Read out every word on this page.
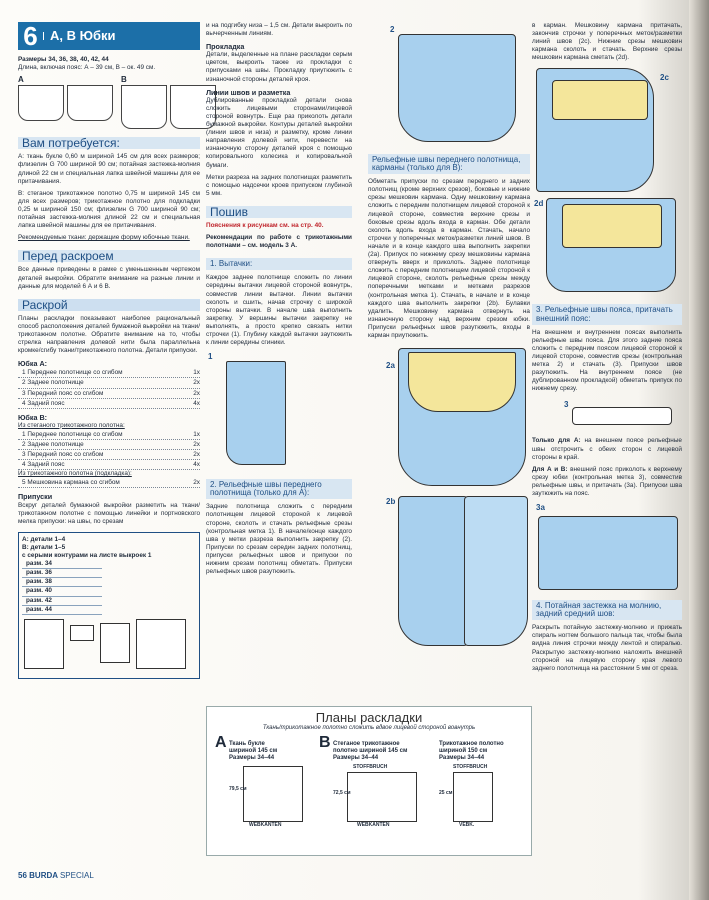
6 А, В Юбки
Размеры 34, 36, 38, 40, 42, 44
Длина, включая пояс: А – 39 см, В – ок. 49 см.
A	B
Вам потребуется:

А: ткань букле 0,60 м шириной 145 см для всех размеров; флизелин G 700 шириной 90 см; потайная застежка-молния длиной 22 см и специальная лапка швейной машины для ее притачивания.

В: стеганое трикотажное полотно 0,75 м шириной 145 см для всех размеров; трикотажное полотно для подкладки 0,25 м шириной 150 см; флизелин G 700 шириной 90 см; потайная застежка-молния длиной 22 см и специальная лапка швейной машины для ее притачивания.

Рекомендуемые ткани: держащие форму юбочные ткани.

Перед раскроем

Все данные приведены в рамке с уменьшенным чертежом деталей выкройки. Обратите внимание на разные линии и данные для моделей 6 А и 6 В.

Раскрой

Планы раскладки показывают наиболее рациональный способ расположения деталей бумажной выкройки на ткани/трикотажном полотне. Обратите внимание на то, чтобы стрелка направления долевой нити была параллельна кромке/сгибу ткани/трикотажного полотна. Детали припуски.

Юбка А:
1 Переднее полотнище со сгибом	1х
2 Заднее полотнище	2х
3 Передний пояс со сгибом	2х
4 Задний пояс	4х
Юбка В:
Из стеганого трикотажного полотна:
1 Переднее полотнище со сгибом	1х
2 Заднее полотнище	2х
3 Передний пояс со сгибом	2х
4 Задний пояс	4х
Из трикотажного полотна (подкладка):
5 Мешковина кармана со сгибом	2х
Припуски

Вскруг деталей бумажной выкройки разметить на ткани/трикотажном полотне с помощью линейки и портновского мелка припуски: на швы, по срезам

А: детали 1–4
В: детали 1–5
с серыми контурами на листе выкроек 1
разм. 34
разм. 36
разм. 38
разм. 40
разм. 42
разм. 44

и на подгибку низа – 1,5 см. Детали выкроить по вычерченным линиям.

Прокладка

Детали, выделенные на плане раскладки серым цветом, выкроить также из прокладки с припусками на швы. Прокладку приутюжить с изнаночной стороны деталей кроя.

Линии швов и разметка

Дублированные прокладкой детали снова сложить лицевыми сторонами/лицевой стороной вовнутрь. Еще раз приколоть детали бумажной выкройки. Контуры деталей выкройки (линии швов и низа) и разметку, кроме линии направления долевой нити, перевести на изнаночную сторону деталей кроя с помощью копировального колесика и копировальной бумаги.

Метки разреза на задних полотнищах разметить с помощью надсечки кроев припуском глубиной 5 мм.

Пошив

Пояснения к рисункам см. на стр. 40.

Рекомендации по работе с трикотажными полотнами – см. модель 3 А.

1. Вытачки:

Каждое заднее полотнище сложить по линии середины вытачки лицевой стороной вовнутрь, совместив линии вытачки. Линии вытачки сколоть и сшить, начав строчку с широкой стороны вытачки. В начале шва выполнить закрепку. У вершины вытачки закрепку не выполнять, а просто крепко связать нитки строчки (1). Глубину каждой вытачки заутюжить к линии середины сгиники.

1
2. Рельефные швы переднего полотнища (только для А):

Задние полотнища сложить с передним полотнищем лицевой стороной к лицевой стороне, сколоть и стачать рельефные срезы (контрольная метка 1). В начале/конце каждого шва у метки разреза выполнить закрепку (2). Припуски по срезам середин задних полотнищ, припуски рельефных швов и припуски по нижним срезам полотнищ обметать. Припуски рельефных швов разутюжить.

2
Рельефные швы переднего полотнища, карманы (только для В):

Обметать припуски по срезам переднего и задних полотнищ (кроме верхних срезов), боковые и нижние срезы мешковин кармана. Одну мешковину кармана сложить с передним полотнищем лицевой стороной к лицевой стороне, совместив верхние срезы и боковые срезы вдоль входа в карман. Обе детали сколоть вдоль входа в карман. Стачать, начало строчки у поперечных меток/разметки линий швов. В начале и в конце каждого шва выполнить закрепки (2а). Припуск по нижнему срезу мешковины кармана отвернуть вверх и приколоть. Заднее полотнище сложить с передним полотнищем лицевой стороной к лицевой стороне, сколоть рельефные срезы между поперечными метками и метками разрезов (контрольная метка 1). Стачать, в начале и в конце каждого шва выполнить закрепки (2b). Булавки удалить. Мешковину кармана отвернуть на изнаночную сторону над верхним срезом юбки. Припуски рельефных швов разутюжить, входы в карман приутюжить.

2a
2b

в карман. Мешковину кармана притачать, закончив строчки у поперечных меток/разметки линий швов (2c). Нижние срезы мешковин кармана сколоть и стачать. Верхние срезы мешковин кармана сметать (2d).

2c
2d
3. Рельефные швы пояса, притачать внешний пояс:

На внешнем и внутреннем поясах выполнить рельефные швы пояса. Для этого задние пояса сложить с передним поясом лицевой стороной к лицевой стороне, совместив срезы (контрольная метка 2) и стачать (3). Припуски швов разутюжить. На внутреннем поясе (не дублированном прокладкой) обметать припуск по нижнему срезу.

3

Только для А: на внешнем поясе рельефные швы отстрочить с обеих сторон с лицевой стороны в край.

Для А и В: внешний пояс приколоть к верхнему срезу юбки (контрольная метка 3), совместив рельефные швы, и притачать (3а). Припуски шва заутюжить на пояс.

3a
4. Потайная застежка на молнию, задний средний шов:

Раскрыть потайную застежку-молнию и прижать спираль ногтем большого пальца так, чтобы была видна линия строчки между лентой и спиралью. Раскрытую застежку-молнию наложить внешней стороной на лицевую сторону края левого заднего полотнища на расстоянии 5 мм от среза.

Планы раскладки
Ткань/трикотажное полотно сложить вдвое лицевой стороной вовнутрь
А Ткань букле
шириной 145 см
Размеры 34–44
79,5 см
WEBKANTEN
В Стеганое трикотажное
полотно шириной 145 см
Размеры 34–44
STOFFBRUCH
72,5 см
WEBKANTEN
Трикотажное полотно
шириной 150 см
Размеры 34–44
STOFFBRUCH
25 см
VEBK.
56 BURDA SPECIAL
